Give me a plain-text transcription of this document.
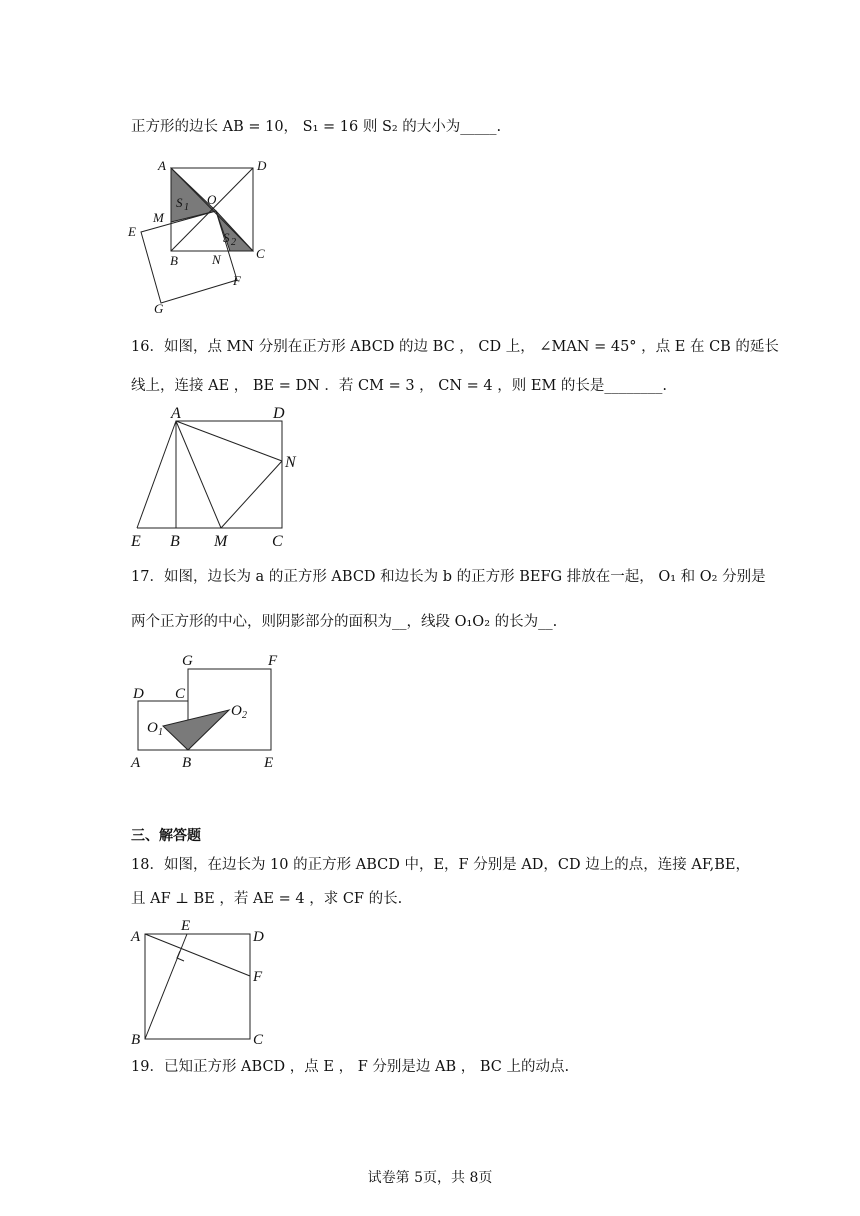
正方形的边长 AB = 10， S₁ = 16 则 S₂ 的大小为_____.
A	D
O
S 1
M
S 2
E
C
B	N
F
G
16．如图，点 MN 分别在正方形 ABCD 的边 BC ， CD 上， ∠MAN = 45° ，点 E 在 CB 的延长
线上，连接 AE ， BE = DN ．若 CM = 3 ， CN = 4 ，则 EM 的长是________.
A	D
N
E B M	C
17．如图，边长为 a 的正方形 ABCD 和边长为 b 的正方形 BEFG 排放在一起， O₁ 和 O₂ 分别是
两个正方形的中心，则阴影部分的面积为__，线段 O₁O₂ 的长为__.
G	F
D C
O 2
O 1
A	B	E
三、解答题
18．如图，在边长为 10 的正方形 ABCD 中，E，F 分别是 AD，CD 边上的点，连接 AF,BE，
且 AF ⊥ BE ，若 AE = 4 ，求 CF 的长.
A
E
D
F
B	C
19．已知正方形 ABCD ，点 E ， F 分别是边 AB ， BC 上的动点.
试卷第 5页，共 8页
